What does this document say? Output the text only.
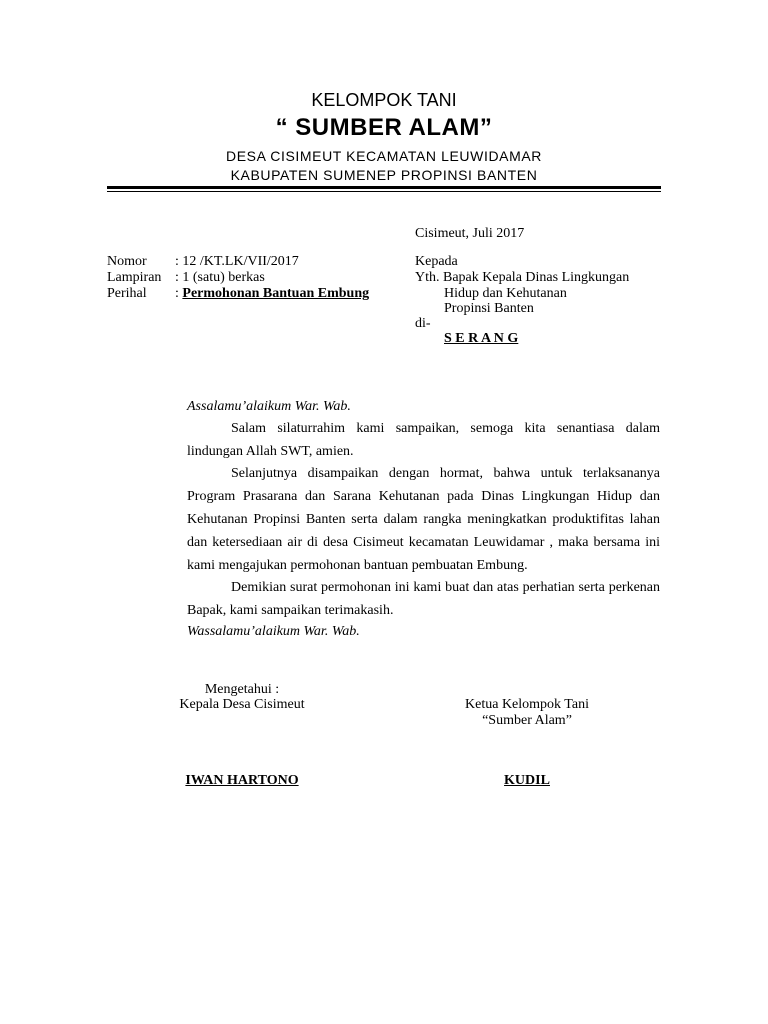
KELOMPOK TANI
“ SUMBER ALAM”
DESA CISIMEUT KECAMATAN LEUWIDAMAR
KABUPATEN SUMENEP PROPINSI BANTEN
Cisimeut, Juli 2017
Nomor : 12 /KT.LK/VII/2017
Lampiran : 1 (satu) berkas
Perihal : Permohonan Bantuan Embung
Kepada
Yth. Bapak Kepala Dinas Lingkungan
Hidup dan Kehutanan
Propinsi Banten
di-
S E R A N G
Assalamu’alaikum War. Wab.
Salam silaturrahim kami sampaikan, semoga kita senantiasa dalam lindungan Allah SWT, amien.
Selanjutnya disampaikan dengan hormat, bahwa untuk terlaksananya Program Prasarana dan Sarana Kehutanan pada Dinas Lingkungan Hidup dan Kehutanan Propinsi Banten serta dalam rangka meningkatkan produktifitas lahan dan ketersediaan air di desa Cisimeut kecamatan Leuwidamar , maka bersama ini kami mengajukan permohonan bantuan pembuatan Embung.
Demikian surat permohonan ini kami buat dan atas perhatian serta perkenan Bapak, kami sampaikan terimakasih.
Wassalamu’alaikum War. Wab.
Mengetahui :
Kepala Desa Cisimeut
IWAN HARTONO
Ketua Kelompok Tani
“Sumber Alam”
KUDIL
